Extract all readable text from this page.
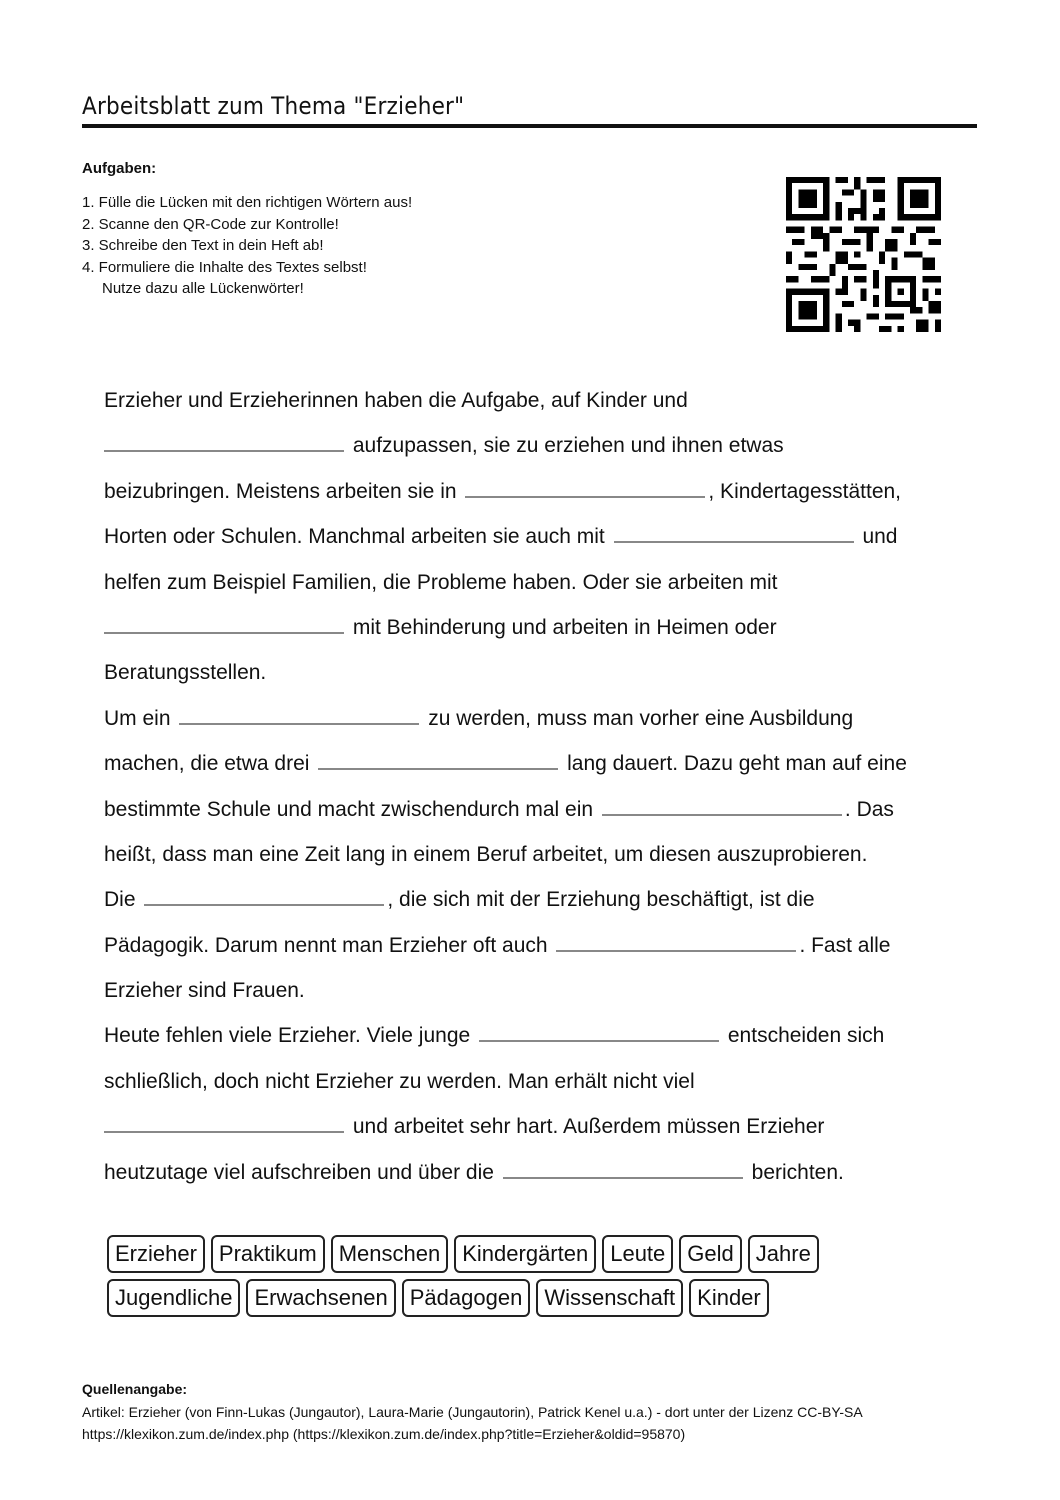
Arbeitsblatt zum Thema "Erzieher"
Aufgaben:
1. Fülle die Lücken mit den richtigen Wörtern aus!
2. Scanne den QR-Code zur Kontrolle!
3. Schreibe den Text in dein Heft ab!
4. Formuliere die Inhalte des Textes selbst!
Nutze dazu alle Lückenwörter!
Erzieher und Erzieherinnen haben die Aufgabe, auf Kinder und
aufzupassen, sie zu erziehen und ihnen etwas
beizubringen. Meistens arbeiten sie in	, Kindertagesstätten,
Horten oder Schulen. Manchmal arbeiten sie auch mit	und
helfen zum Beispiel Familien, die Probleme haben. Oder sie arbeiten mit
mit Behinderung und arbeiten in Heimen oder
Beratungsstellen.
Um ein	zu werden, muss man vorher eine Ausbildung
machen, die etwa drei	lang dauert. Dazu geht man auf eine
bestimmte Schule und macht zwischendurch mal ein	. Das
heißt, dass man eine Zeit lang in einem Beruf arbeitet, um diesen auszuprobieren.
Die	, die sich mit der Erziehung beschäftigt, ist die
Pädagogik. Darum nennt man Erzieher oft auch	. Fast alle
Erzieher sind Frauen.
Heute fehlen viele Erzieher. Viele junge	entscheiden sich
schließlich, doch nicht Erzieher zu werden. Man erhält nicht viel
und arbeitet sehr hart. Außerdem müssen Erzieher
heutzutage viel aufschreiben und über die	berichten.
Erzieher	Praktikum	Menschen	Kindergärten	Leute	Geld	Jahre
Jugendliche	Erwachsenen	Pädagogen	Wissenschaft	Kinder
Quellenangabe:
Artikel: Erzieher (von Finn-Lukas (Jungautor), Laura-Marie (Jungautorin), Patrick Kenel u.a.) - dort unter der Lizenz CC-BY-SA
https://klexikon.zum.de/index.php (https://klexikon.zum.de/index.php?title=Erzieher&oldid=95870)
